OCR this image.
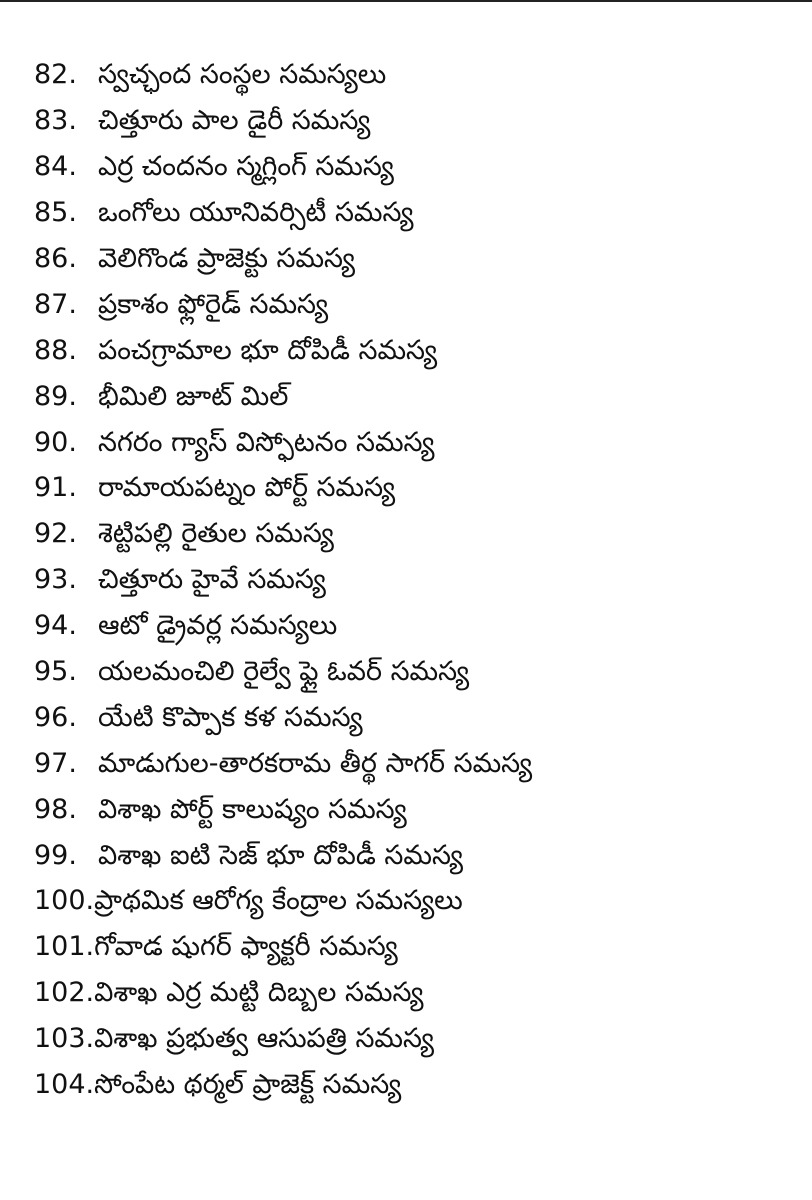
82. స్వచ్ఛంద సంస్థల సమస్యలు
83. చిత్తూరు పాల డైరీ సమస్య
84. ఎర్ర చందనం స్మగ్లింగ్ సమస్య
85. ఒంగోలు యూనివర్సిటీ సమస్య
86. వెలిగొండ ప్రాజెక్టు సమస్య
87. ప్రకాశం ఫ్లోరైడ్ సమస్య
88. పంచగ్రామాల భూ దోపిడీ సమస్య
89. భీమిలి జూట్ మిల్
90. నగరం గ్యాస్ విస్ఫోటనం సమస్య
91. రామాయపట్నం పోర్ట్ సమస్య
92. శెట్టిపల్లి రైతుల సమస్య
93. చిత్తూరు హైవే సమస్య
94. ఆటో డ్రైవర్ల సమస్యలు
95. యలమంచిలి రైల్వే ఫ్లై ఓవర్ సమస్య
96. యేటి కొప్పాక కళ సమస్య
97. మాడుగుల-తారకరామ తీర్థ సాగర్ సమస్య
98. విశాఖ పోర్ట్ కాలుష్యం సమస్య
99. విశాఖ ఐటి సెజ్ భూ దోపిడీ సమస్య
100. ప్రాథమిక ఆరోగ్య కేంద్రాల సమస్యలు
101. గోవాడ షుగర్ ఫ్యాక్టరీ సమస్య
102. విశాఖ ఎర్ర మట్టి దిబ్బల సమస్య
103. విశాఖ ప్రభుత్వ ఆసుపత్రి సమస్య
104. సోంపేట థర్మల్ ప్రాజెక్ట్ సమస్య
